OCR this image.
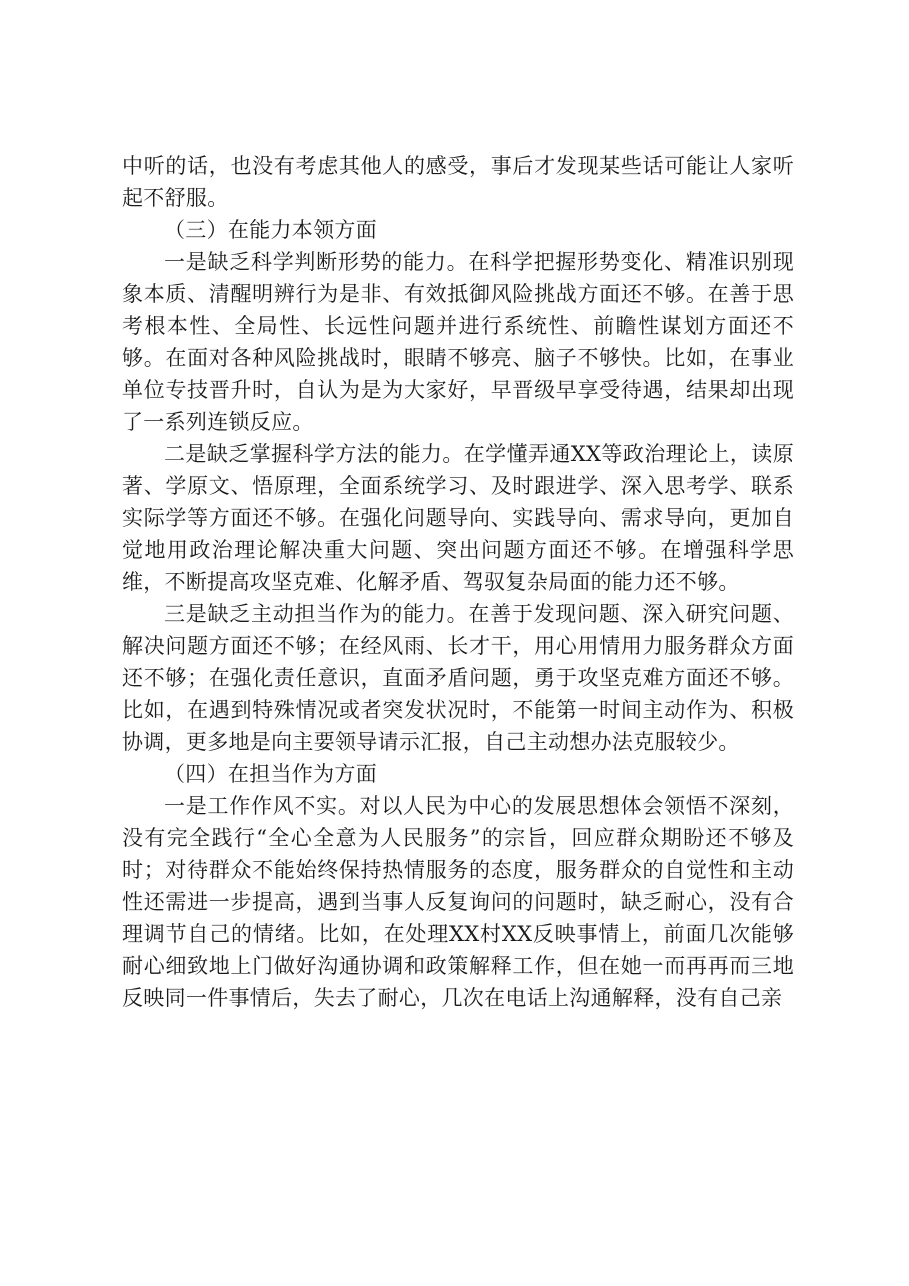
中听的话，也没有考虑其他人的感受，事后才发现某些话可能让人家听起不舒服。

（三）在能力本领方面

一是缺乏科学判断形势的能力。在科学把握形势变化、精准识别现象本质、清醒明辨行为是非、有效抵御风险挑战方面还不够。在善于思考根本性、全局性、长远性问题并进行系统性、前瞻性谋划方面还不够。在面对各种风险挑战时，眼睛不够亮、脑子不够快。比如，在事业单位专技晋升时，自认为是为大家好，早晋级早享受待遇，结果却出现了一系列连锁反应。

二是缺乏掌握科学方法的能力。在学懂弄通XX等政治理论上，读原著、学原文、悟原理，全面系统学习、及时跟进学、深入思考学、联系实际学等方面还不够。在强化问题导向、实践导向、需求导向，更加自觉地用政治理论解决重大问题、突出问题方面还不够。在增强科学思维，不断提高攻坚克难、化解矛盾、驾驭复杂局面的能力还不够。

三是缺乏主动担当作为的能力。在善于发现问题、深入研究问题、解决问题方面还不够；在经风雨、长才干，用心用情用力服务群众方面还不够；在强化责任意识，直面矛盾问题，勇于攻坚克难方面还不够。比如，在遇到特殊情况或者突发状况时，不能第一时间主动作为、积极协调，更多地是向主要领导请示汇报，自己主动想办法克服较少。

（四）在担当作为方面

一是工作作风不实。对以人民为中心的发展思想体会领悟不深刻，没有完全践行“全心全意为人民服务”的宗旨，回应群众期盼还不够及时；对待群众不能始终保持热情服务的态度，服务群众的自觉性和主动性还需进一步提高，遇到当事人反复询问的问题时，缺乏耐心，没有合理调节自己的情绪。比如，在处理XX村XX反映事情上，前面几次能够耐心细致地上门做好沟通协调和政策解释工作，但在她一而再再而三地反映同一件事情后，失去了耐心，几次在电话上沟通解释，没有自己亲
